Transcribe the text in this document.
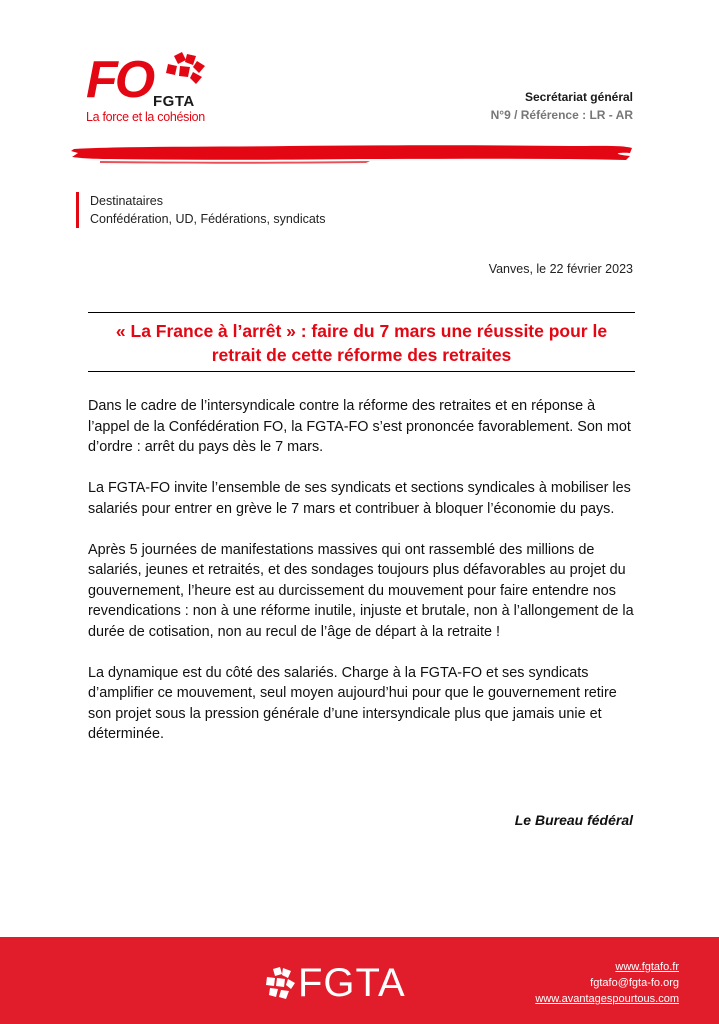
FO FGTA
La force et la cohésion
Secrétariat général
N°9 / Référence : LR - AR
Destinataires
Confédération, UD, Fédérations, syndicats
Vanves, le 22 février 2023
« La France à l’arrêt » : faire du 7 mars une réussite pour le
retrait de cette réforme des retraites

Dans le cadre de l’intersyndicale contre la réforme des retraites et en réponse à l’appel de la Confédération FO, la FGTA-FO s’est prononcée favorablement. Son mot d’ordre : arrêt du pays dès le 7 mars.

La FGTA-FO invite l’ensemble de ses syndicats et sections syndicales à mobiliser les salariés pour entrer en grève le 7 mars et contribuer à bloquer l’économie du pays.

Après 5 journées de manifestations massives qui ont rassemblé des millions de salariés, jeunes et retraités, et des sondages toujours plus défavorables au projet du gouvernement, l’heure est au durcissement du mouvement pour faire entendre nos revendications : non à une réforme inutile, injuste et brutale, non à l’allongement de la durée de cotisation, non au recul de l’âge de départ à la retraite !

La dynamique est du côté des salariés. Charge à la FGTA-FO et ses syndicats d’amplifier ce mouvement, seul moyen aujourd’hui pour que le gouvernement retire son projet sous la pression générale d’une intersyndicale plus que jamais unie et déterminée.

Le Bureau fédéral
FGTA	www.fgtafo.fr
fgtafo@fgta-fo.org
www.avantagespourtous.com
